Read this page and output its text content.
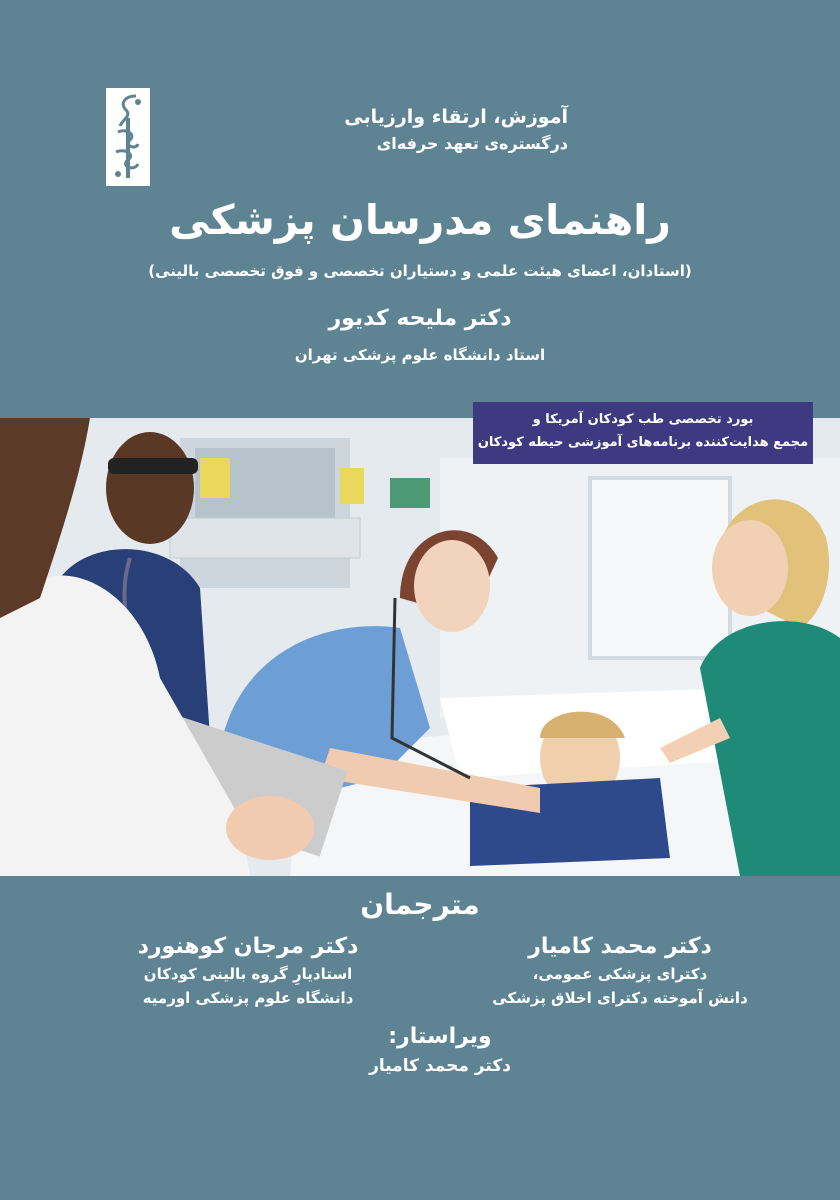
آموزش، ارتقاء وارزیابی
درگستره‌ی تعهد حرفه‌ای
راهنمای مدرسان پزشکی
(استادان، اعضای هیئت علمی و دستیاران تخصصی و فوق تخصصی بالینی)
دکتر ملیحه کدیور
استاد دانشگاه علوم پزشکی تهران
بورد تخصصی طب کودکان آمریکا و
مجمع هدایت‌کننده برنامه‌های آموزشی حیطه کودکان
مترجمان
دکتر محمد کامیار
دکترای پزشکی عمومی،
دانش آموخته دکترای اخلاق پزشکی
دکتر مرجان کوهنورد
استادیارِ گروه بالینی کودکان
دانشگاه علوم پزشکی اورمیه
ویراستار:
دکتر محمد کامیار
